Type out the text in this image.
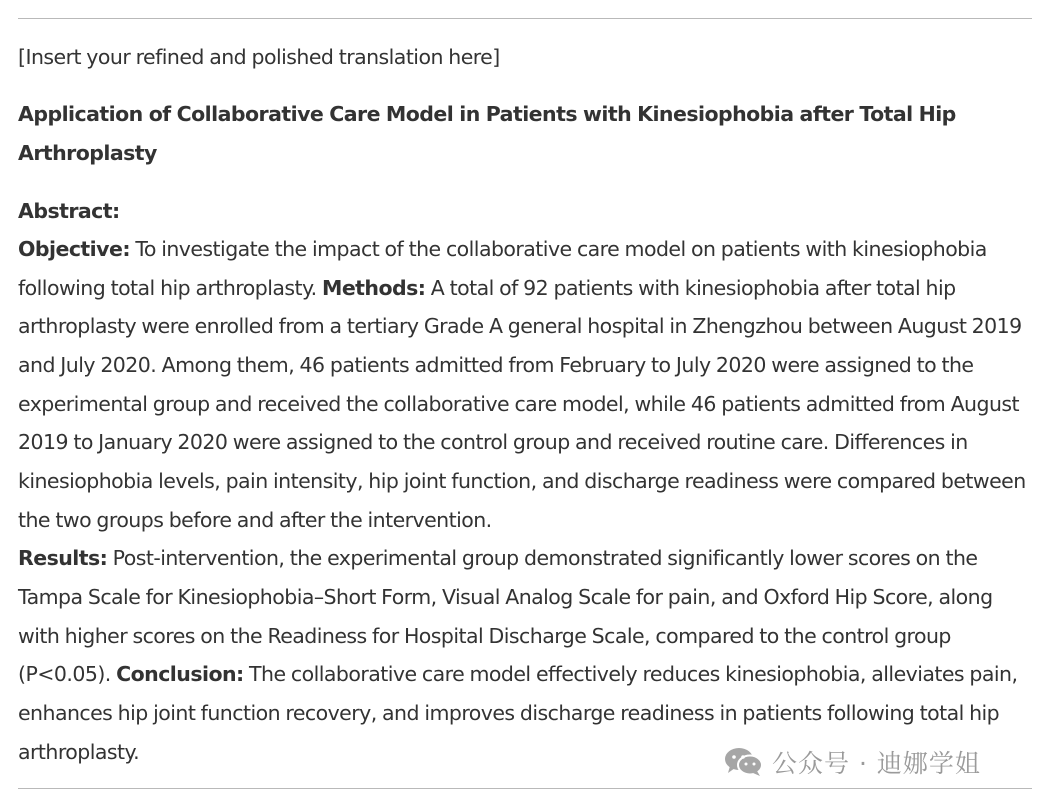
[Insert your refined and polished translation here]

Application of Collaborative Care Model in Patients with Kinesiophobia after Total Hip Arthroplasty

Abstract:

Objective: To investigate the impact of the collaborative care model on patients with kinesiophobia following total hip arthroplasty. Methods: A total of 92 patients with kinesiophobia after total hip arthroplasty were enrolled from a tertiary Grade A general hospital in Zhengzhou between August 2019 and July 2020. Among them, 46 patients admitted from February to July 2020 were assigned to the experimental group and received the collaborative care model, while 46 patients admitted from August 2019 to January 2020 were assigned to the control group and received routine care. Differences in kinesiophobia levels, pain intensity, hip joint function, and discharge readiness were compared between the two groups before and after the intervention.
Results: Post-intervention, the experimental group demonstrated significantly lower scores on the Tampa Scale for Kinesiophobia–Short Form, Visual Analog Scale for pain, and Oxford Hip Score, along with higher scores on the Readiness for Hospital Discharge Scale, compared to the control group (P<0.05). Conclusion: The collaborative care model effectively reduces kinesiophobia, alleviates pain, enhances hip joint function recovery, and improves discharge readiness in patients following total hip arthroplasty.	公众号 · 迪娜学姐
